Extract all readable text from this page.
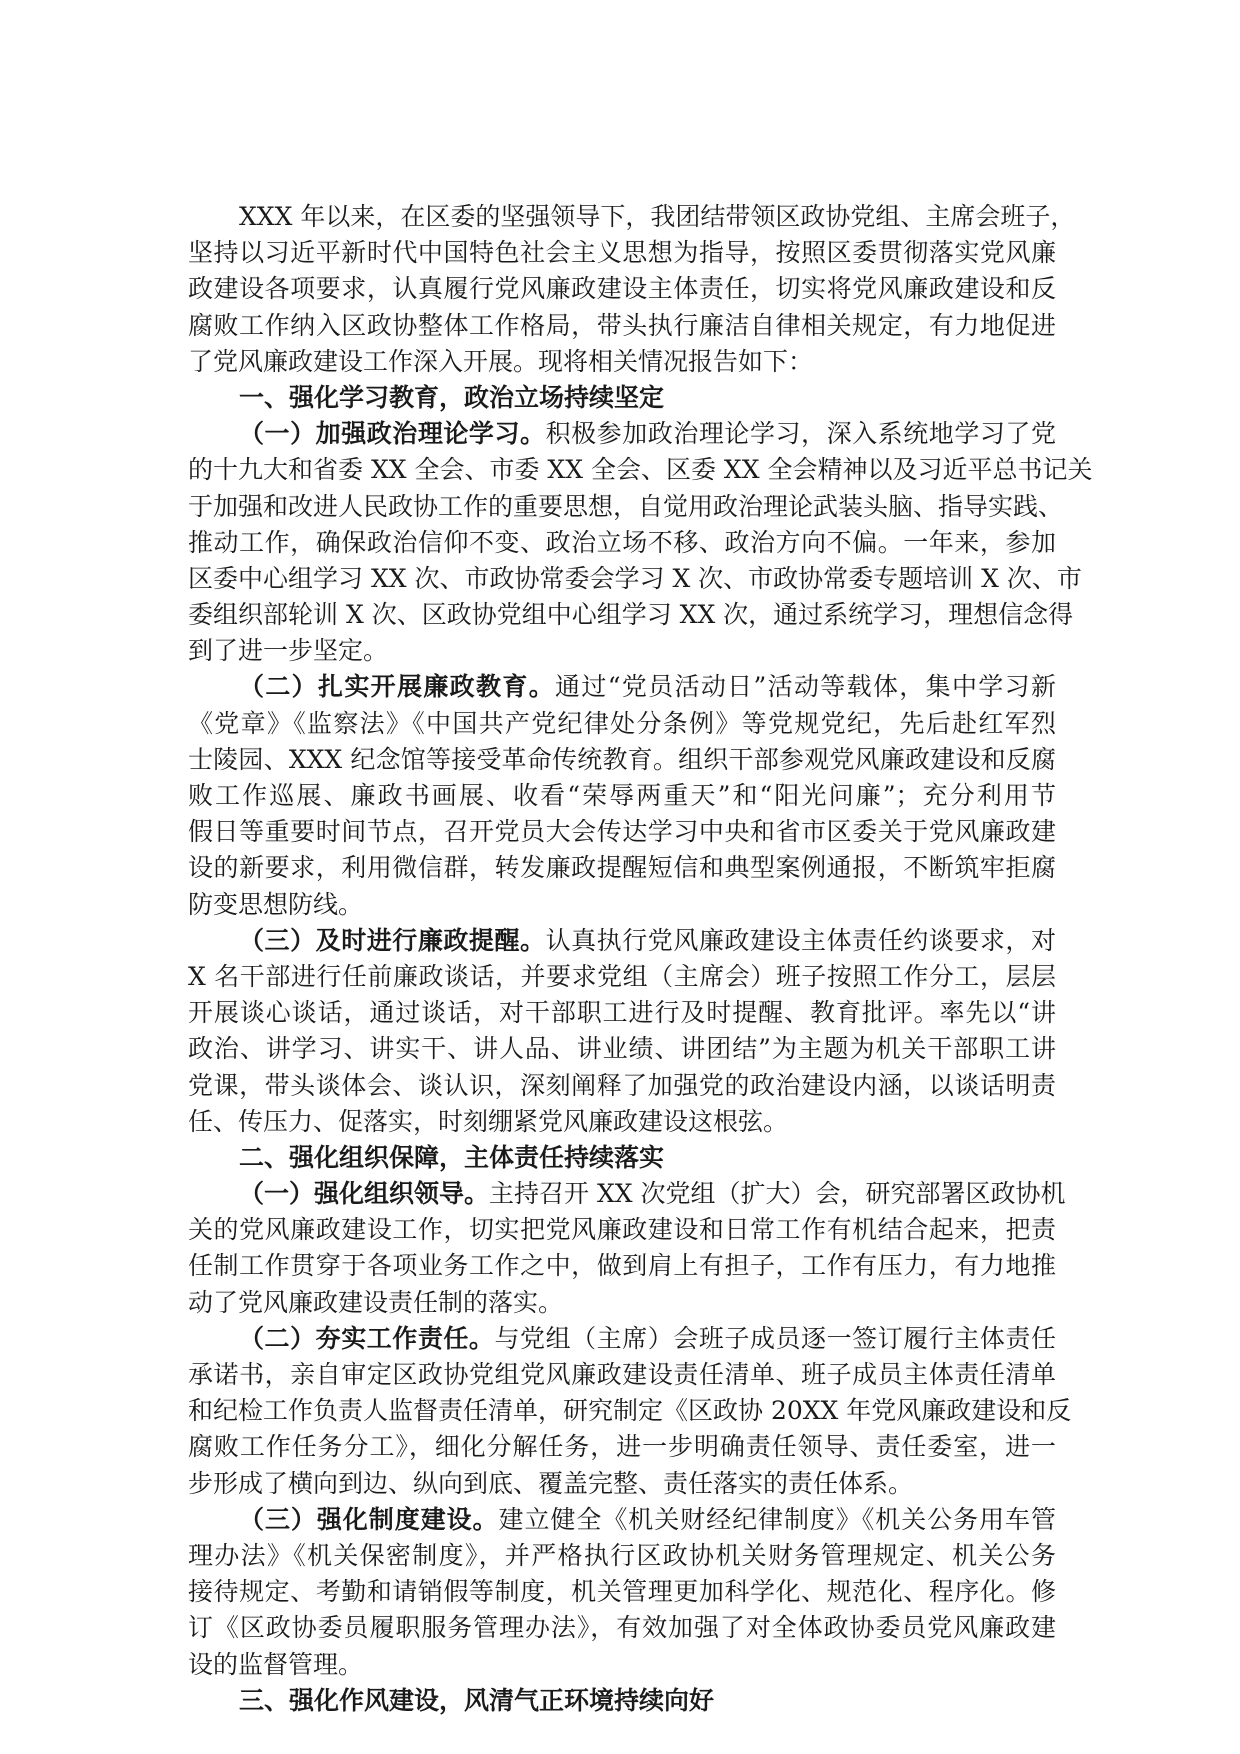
XXX 年以来，在区委的坚强领导下，我团结带领区政协党组、主席会班子，
坚持以习近平新时代中国特色社会主义思想为指导，按照区委贯彻落实党风廉
政建设各项要求，认真履行党风廉政建设主体责任，切实将党风廉政建设和反
腐败工作纳入区政协整体工作格局，带头执行廉洁自律相关规定，有力地促进
了党风廉政建设工作深入开展。现将相关情况报告如下：
一、强化学习教育，政治立场持续坚定
（一）加强政治理论学习。积极参加政治理论学习，深入系统地学习了党
的十九大和省委 XX 全会、市委 XX 全会、区委 XX 全会精神以及习近平总书记关
于加强和改进人民政协工作的重要思想，自觉用政治理论武装头脑、指导实践、
推动工作，确保政治信仰不变、政治立场不移、政治方向不偏。一年来，参加
区委中心组学习 XX 次、市政协常委会学习 X 次、市政协常委专题培训 X 次、市
委组织部轮训 X 次、区政协党组中心组学习 XX 次，通过系统学习，理想信念得
到了进一步坚定。
（二）扎实开展廉政教育。通过“党员活动日”活动等载体，集中学习新
《党章》《监察法》《中国共产党纪律处分条例》等党规党纪，先后赴红军烈
士陵园、XXX 纪念馆等接受革命传统教育。组织干部参观党风廉政建设和反腐
败工作巡展、廉政书画展、收看“荣辱两重天”和“阳光问廉”；充分利用节
假日等重要时间节点，召开党员大会传达学习中央和省市区委关于党风廉政建
设的新要求，利用微信群，转发廉政提醒短信和典型案例通报，不断筑牢拒腐
防变思想防线。
（三）及时进行廉政提醒。认真执行党风廉政建设主体责任约谈要求，对
X 名干部进行任前廉政谈话，并要求党组（主席会）班子按照工作分工，层层
开展谈心谈话，通过谈话，对干部职工进行及时提醒、教育批评。率先以“讲
政治、讲学习、讲实干、讲人品、讲业绩、讲团结”为主题为机关干部职工讲
党课，带头谈体会、谈认识，深刻阐释了加强党的政治建设内涵，以谈话明责
任、传压力、促落实，时刻绷紧党风廉政建设这根弦。
二、强化组织保障，主体责任持续落实
（一）强化组织领导。主持召开 XX 次党组（扩大）会，研究部署区政协机
关的党风廉政建设工作，切实把党风廉政建设和日常工作有机结合起来，把责
任制工作贯穿于各项业务工作之中，做到肩上有担子，工作有压力，有力地推
动了党风廉政建设责任制的落实。
（二）夯实工作责任。与党组（主席）会班子成员逐一签订履行主体责任
承诺书，亲自审定区政协党组党风廉政建设责任清单、班子成员主体责任清单
和纪检工作负责人监督责任清单，研究制定《区政协 20XX 年党风廉政建设和反
腐败工作任务分工》，细化分解任务，进一步明确责任领导、责任委室，进一
步形成了横向到边、纵向到底、覆盖完整、责任落实的责任体系。
（三）强化制度建设。建立健全《机关财经纪律制度》《机关公务用车管
理办法》《机关保密制度》，并严格执行区政协机关财务管理规定、机关公务
接待规定、考勤和请销假等制度，机关管理更加科学化、规范化、程序化。修
订《区政协委员履职服务管理办法》，有效加强了对全体政协委员党风廉政建
设的监督管理。
三、强化作风建设，风清气正环境持续向好
